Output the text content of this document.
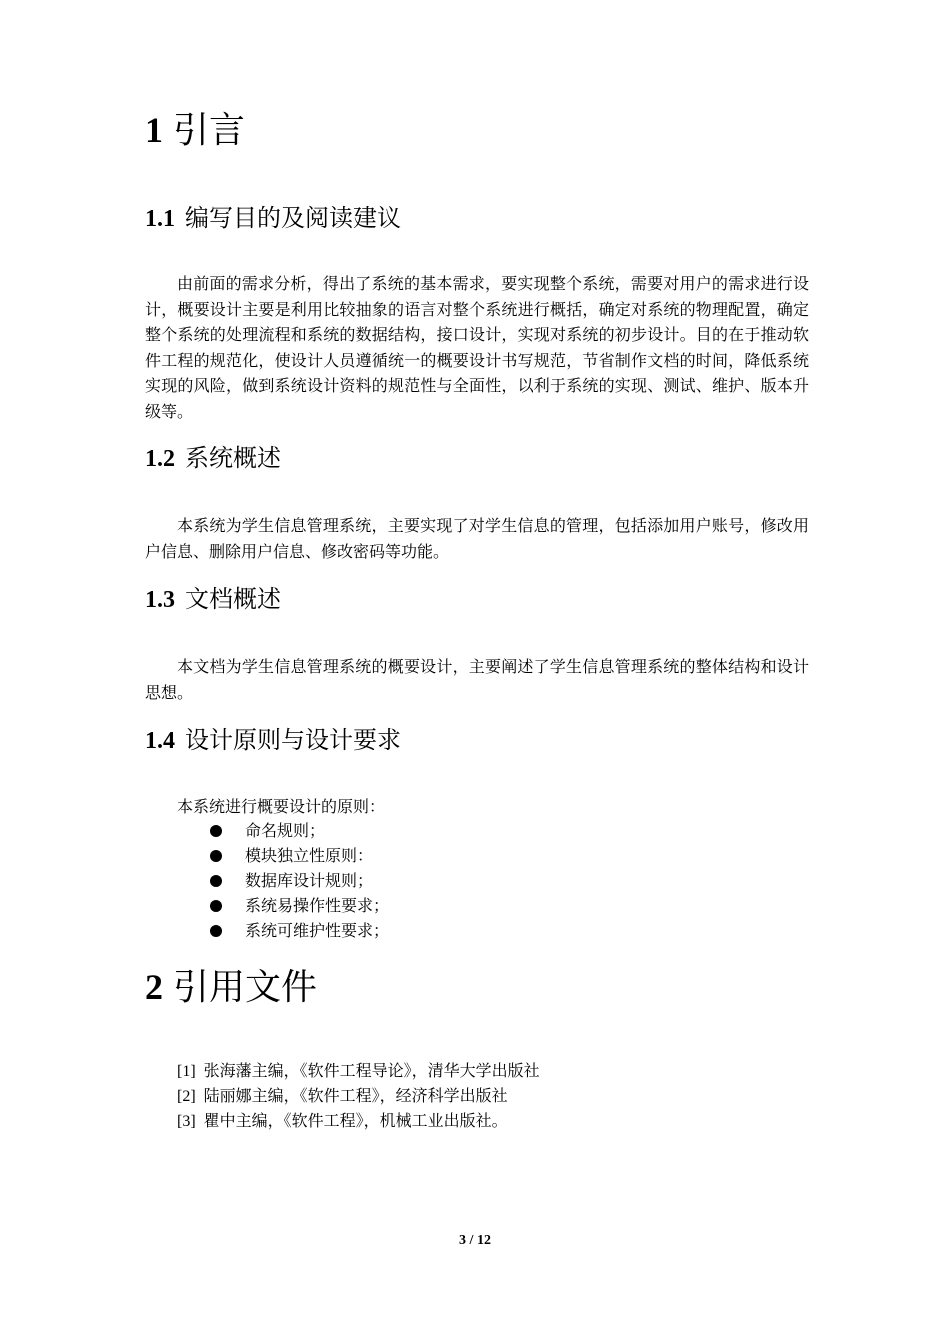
1 引言
1.1 编写目的及阅读建议

由前面的需求分析，得出了系统的基本需求，要实现整个系统，需要对用户的需求进行设计，概要设计主要是利用比较抽象的语言对整个系统进行概括，确定对系统的物理配置，确定整个系统的处理流程和系统的数据结构，接口设计，实现对系统的初步设计。目的在于推动软件工程的规范化，使设计人员遵循统一的概要设计书写规范，节省制作文档的时间，降低系统实现的风险，做到系统设计资料的规范性与全面性，以利于系统的实现、测试、维护、版本升级等。

1.2 系统概述

本系统为学生信息管理系统，主要实现了对学生信息的管理，包括添加用户账号，修改用户信息、删除用户信息、修改密码等功能。

1.3 文档概述

本文档为学生信息管理系统的概要设计，主要阐述了学生信息管理系统的整体结构和设计思想。

1.4 设计原则与设计要求

本系统进行概要设计的原则：

命名规则；
模块独立性原则：
数据库设计规则；
系统易操作性要求；
系统可维护性要求；
2 引用文件
[1] 张海藩主编，《软件工程导论》，清华大学出版社
[2] 陆丽娜主编，《软件工程》，经济科学出版社
[3] 瞿中主编，《软件工程》，机械工业出版社。
3 / 12
